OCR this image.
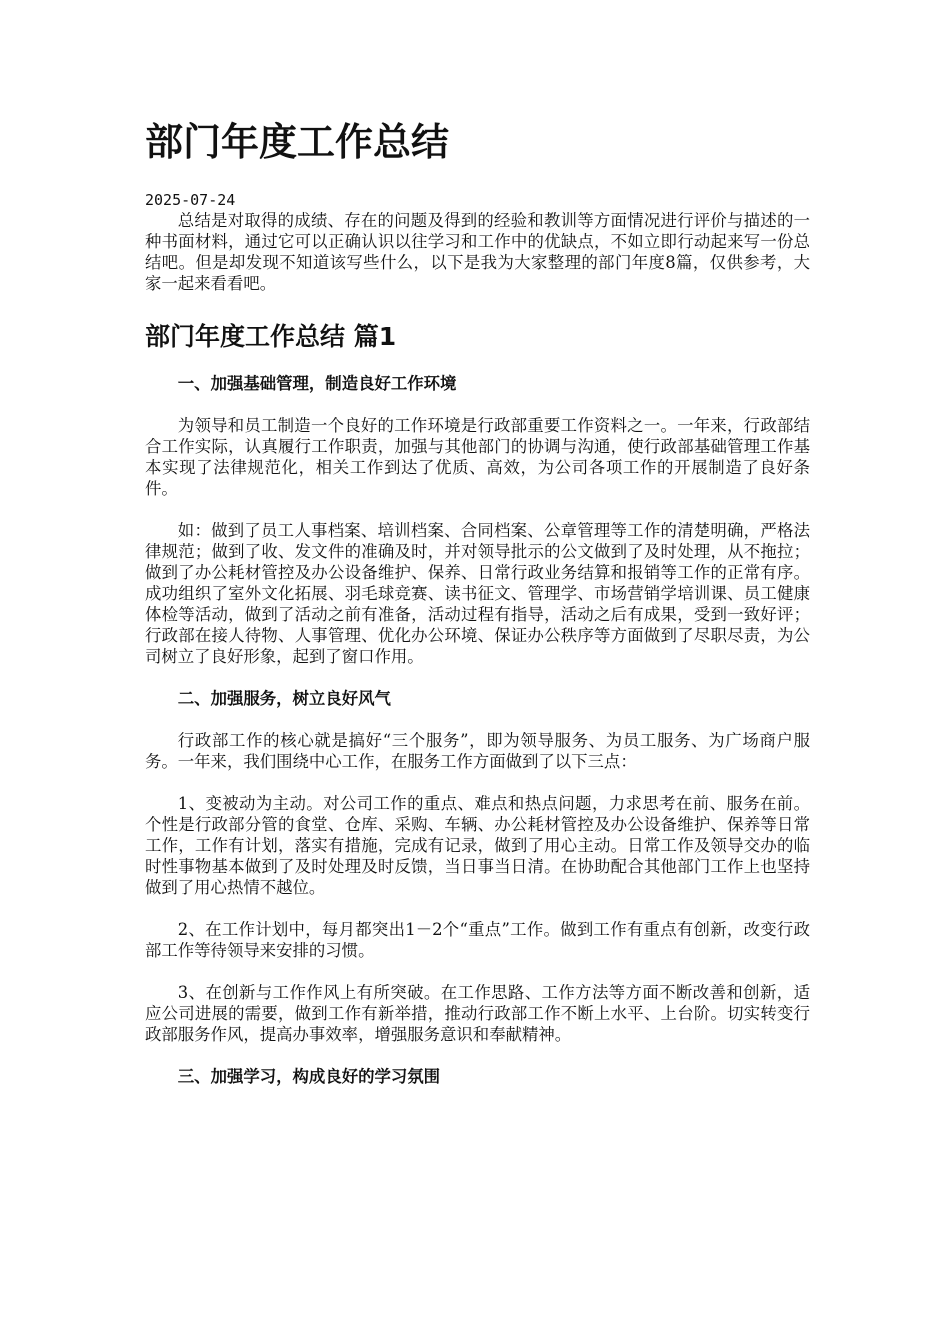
部门年度工作总结
2025-07-24

总结是对取得的成绩、存在的问题及得到的经验和教训等方面情况进行评价与描述的一种书面材料，通过它可以正确认识以往学习和工作中的优缺点，不如立即行动起来写一份总结吧。但是却发现不知道该写些什么，以下是我为大家整理的部门年度8篇，仅供参考，大家一起来看看吧。

部门年度工作总结 篇1
一、加强基础管理，制造良好工作环境

为领导和员工制造一个良好的工作环境是行政部重要工作资料之一。一年来，行政部结合工作实际，认真履行工作职责，加强与其他部门的协调与沟通，使行政部基础管理工作基本实现了法律规范化，相关工作到达了优质、高效，为公司各项工作的开展制造了良好条件。

如：做到了员工人事档案、培训档案、合同档案、公章管理等工作的清楚明确，严格法律规范；做到了收、发文件的准确及时，并对领导批示的公文做到了及时处理，从不拖拉；做到了办公耗材管控及办公设备维护、保养、日常行政业务结算和报销等工作的正常有序。成功组织了室外文化拓展、羽毛球竞赛、读书征文、管理学、市场营销学培训课、员工健康体检等活动，做到了活动之前有准备，活动过程有指导，活动之后有成果，受到一致好评；行政部在接人待物、人事管理、优化办公环境、保证办公秩序等方面做到了尽职尽责，为公司树立了良好形象，起到了窗口作用。

二、加强服务，树立良好风气

行政部工作的核心就是搞好“三个服务”，即为领导服务、为员工服务、为广场商户服务。一年来，我们围绕中心工作，在服务工作方面做到了以下三点：

1、变被动为主动。对公司工作的重点、难点和热点问题，力求思考在前、服务在前。个性是行政部分管的食堂、仓库、采购、车辆、办公耗材管控及办公设备维护、保养等日常工作，工作有计划，落实有措施，完成有记录，做到了用心主动。日常工作及领导交办的临时性事物基本做到了及时处理及时反馈，当日事当日清。在协助配合其他部门工作上也坚持做到了用心热情不越位。

2、在工作计划中，每月都突出1－2个“重点”工作。做到工作有重点有创新，改变行政部工作等待领导来安排的习惯。

3、在创新与工作作风上有所突破。在工作思路、工作方法等方面不断改善和创新，适应公司进展的需要，做到工作有新举措，推动行政部工作不断上水平、上台阶。切实转变行政部服务作风，提高办事效率，增强服务意识和奉献精神。

三、加强学习，构成良好的学习氛围
